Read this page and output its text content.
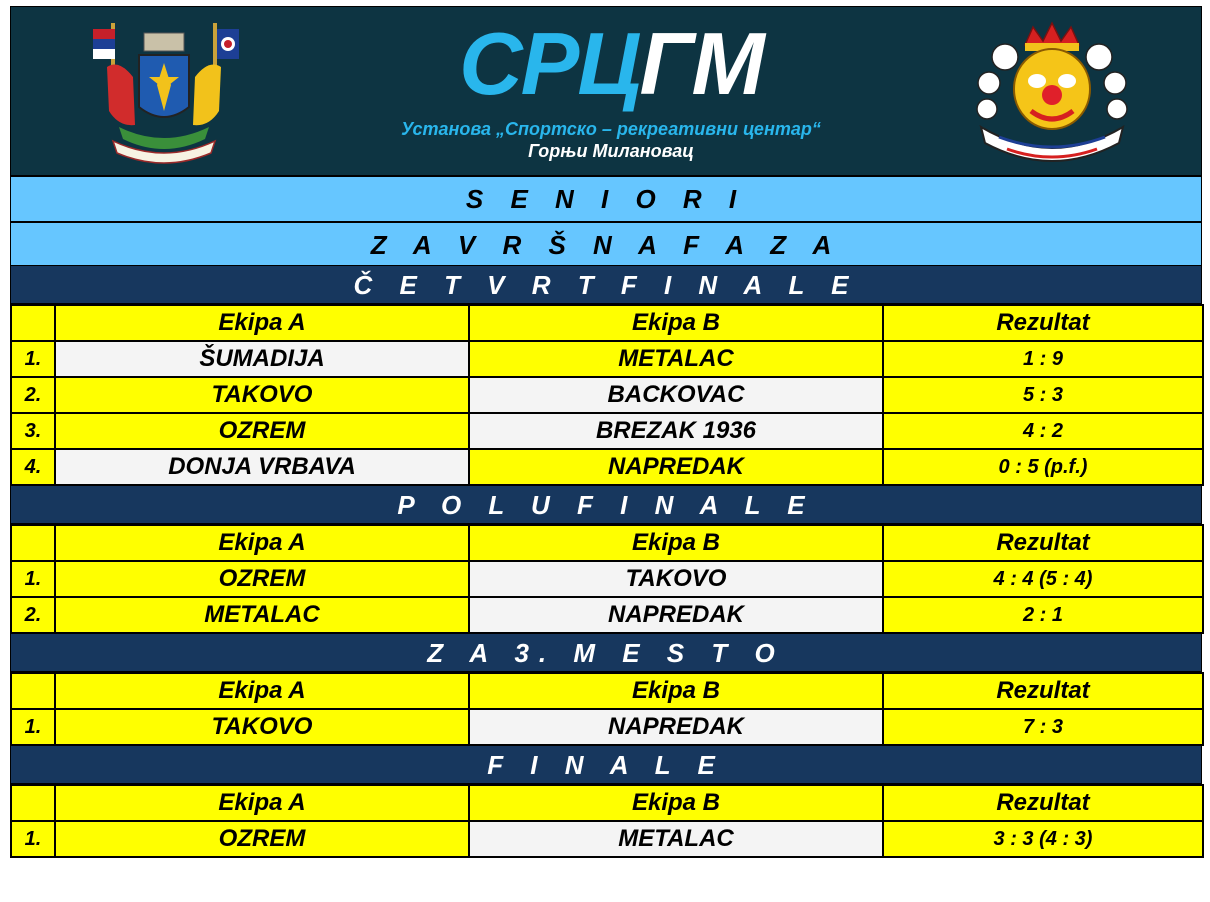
СРЦГМ
Установа „Спортско – рекреативни центар“
Горњи Милановац
S E N I O R I
Z A V R Š N A F A Z A
Č E T V R T F I N A L E
	Ekipa A	Ekipa B	Rezultat
1.	ŠUMADIJA	METALAC	1 : 9
2.	TAKOVO	BACKOVAC	5 : 3
3.	OZREM	BREZAK 1936	4 : 2
4.	DONJA VRBAVA	NAPREDAK	0 : 5 (p.f.)
P O L U F I N A L E
	Ekipa A	Ekipa B	Rezultat
1.	OZREM	TAKOVO	4 : 4 (5 : 4)
2.	METALAC	NAPREDAK	2 : 1
Z A 3. M E S T O
	Ekipa A	Ekipa B	Rezultat
1.	TAKOVO	NAPREDAK	7 : 3
F I N A L E
	Ekipa A	Ekipa B	Rezultat
1.	OZREM	METALAC	3 : 3 (4 : 3)
